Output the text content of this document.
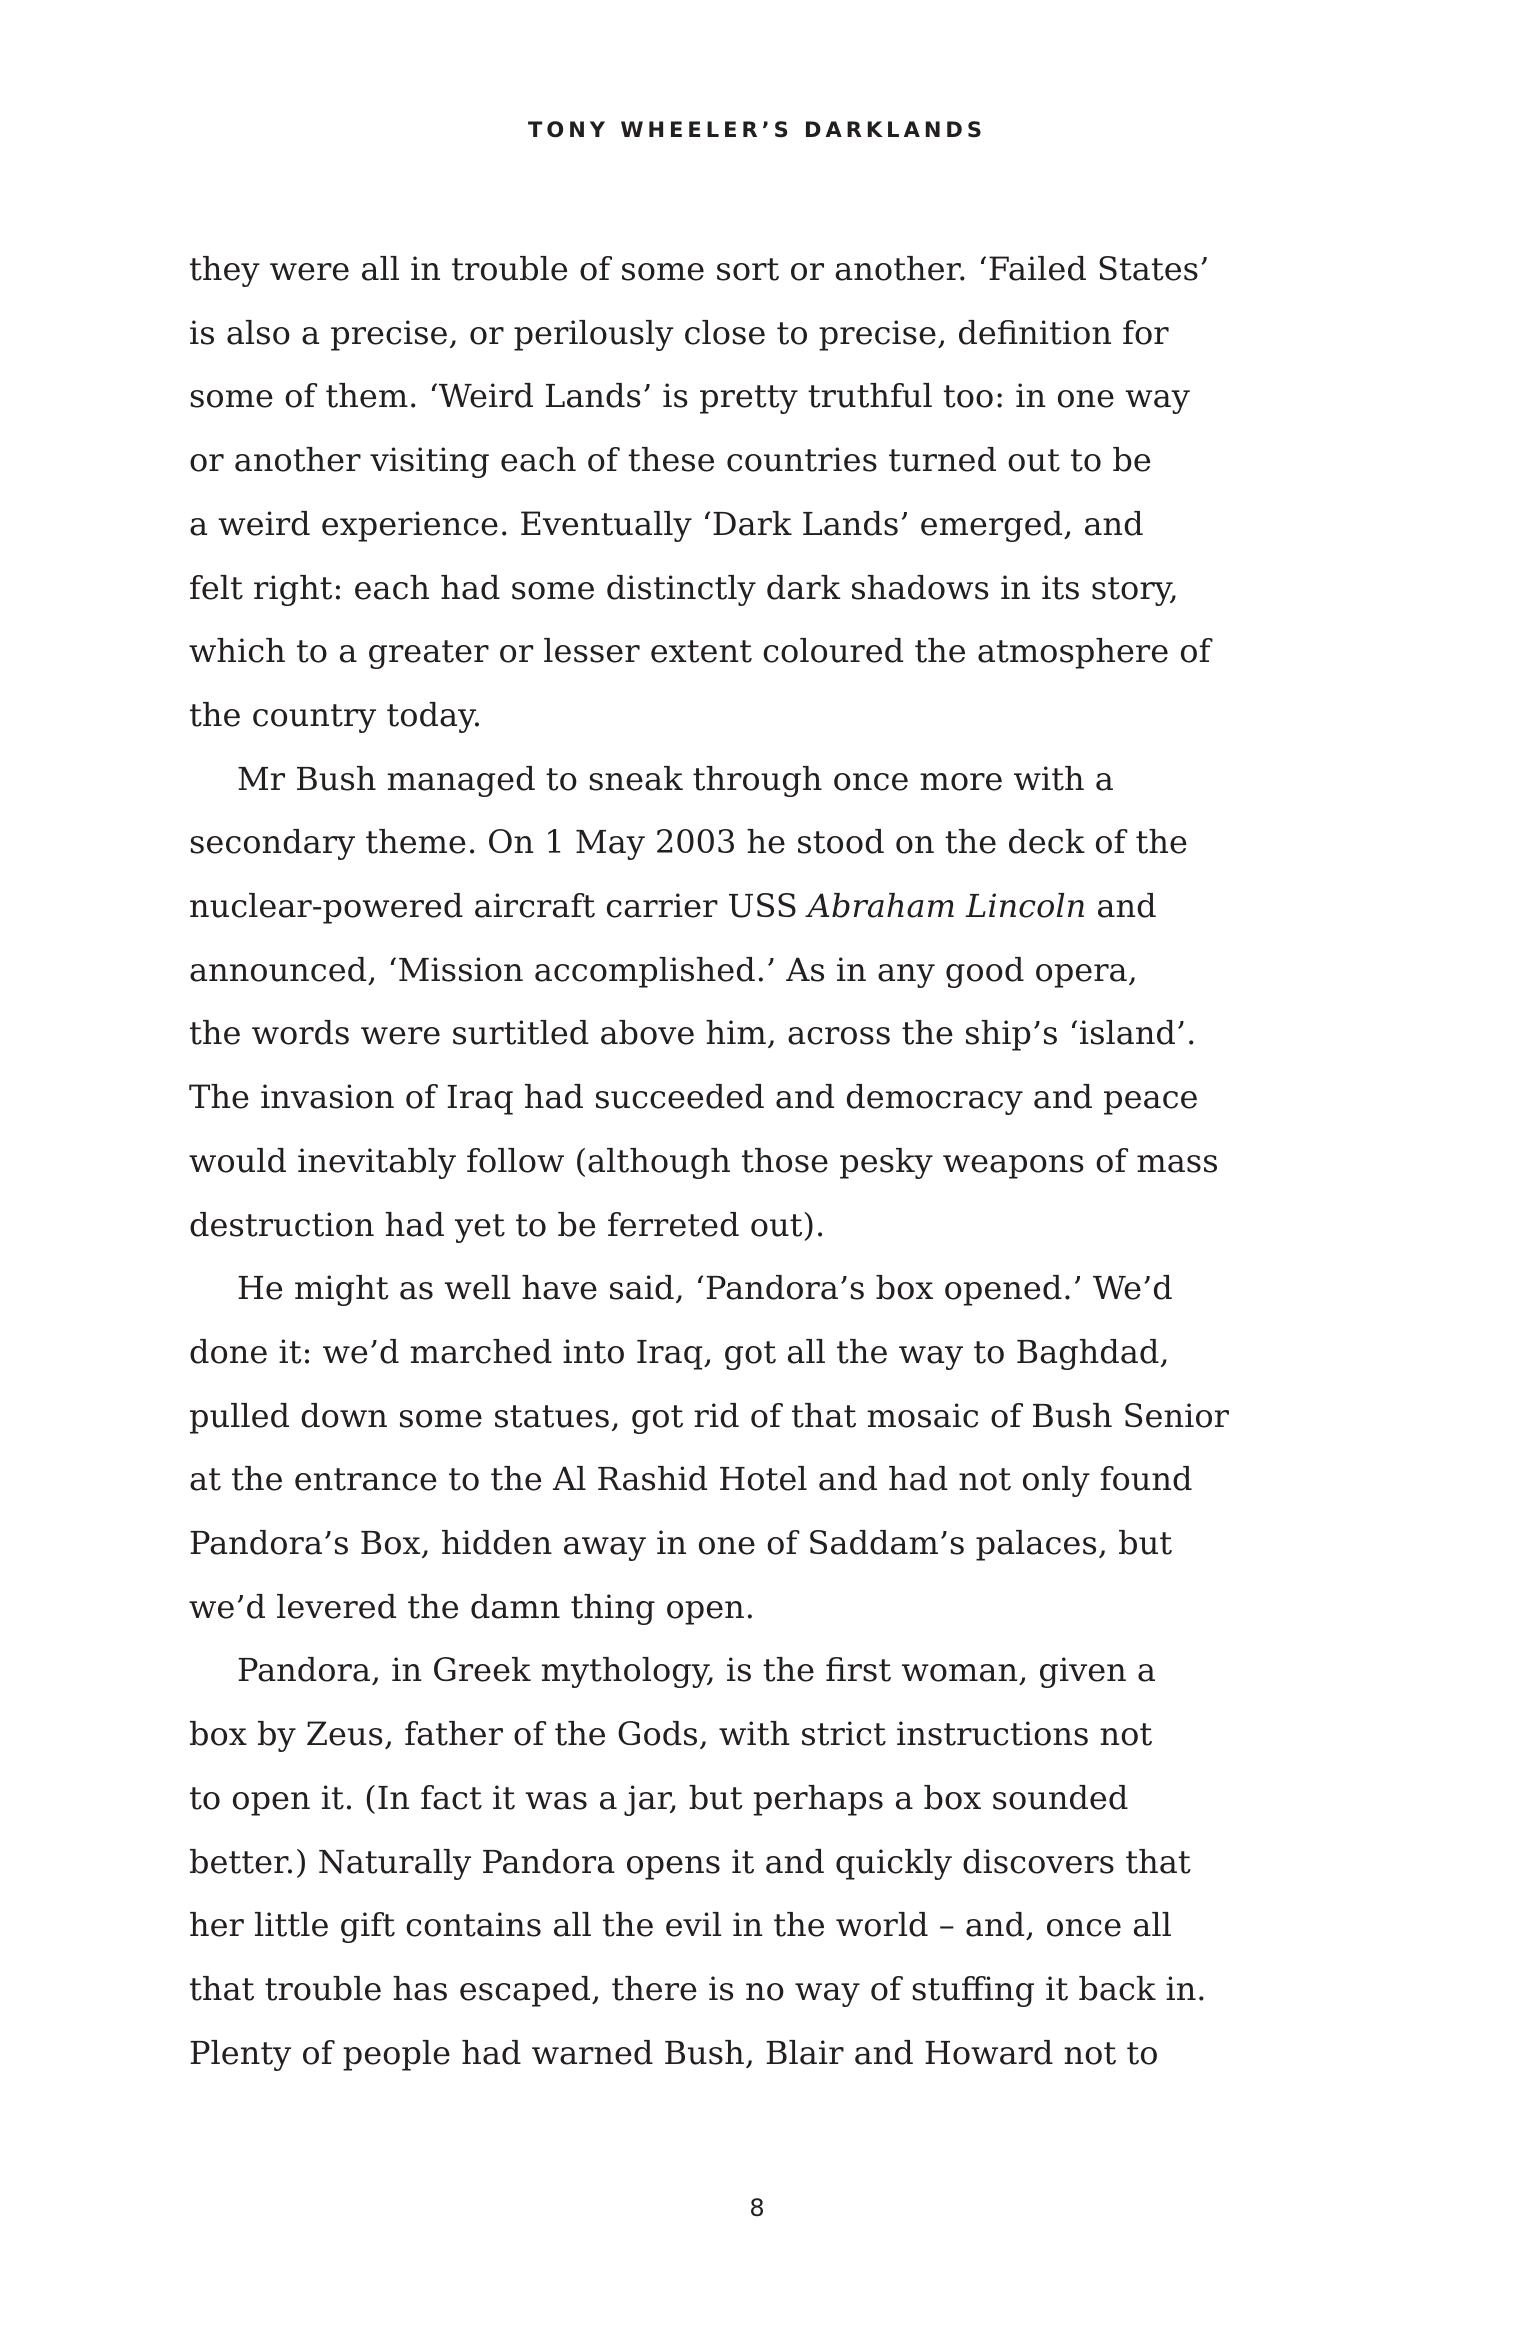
TONY WHEELER’S DARKLANDS

they were all in trouble of some sort or another. ‘Failed States’
is also a precise, or perilously close to precise, definition for
some of them. ‘Weird Lands’ is pretty truthful too: in one way
or another visiting each of these countries turned out to be
a weird experience. Eventually ‘Dark Lands’ emerged, and
felt right: each had some distinctly dark shadows in its story,
which to a greater or lesser extent coloured the atmosphere of
the country today.

Mr Bush managed to sneak through once more with a
secondary theme. On 1 May 2003 he stood on the deck of the
nuclear-powered aircraft carrier USS Abraham Lincoln and
announced, ‘Mission accomplished.’ As in any good opera,
the words were surtitled above him, across the ship’s ‘island’.
The invasion of Iraq had succeeded and democracy and peace
would inevitably follow (although those pesky weapons of mass
destruction had yet to be ferreted out).

He might as well have said, ‘Pandora’s box opened.’ We’d
done it: we’d marched into Iraq, got all the way to Baghdad,
pulled down some statues, got rid of that mosaic of Bush Senior
at the entrance to the Al Rashid Hotel and had not only found
Pandora’s Box, hidden away in one of Saddam’s palaces, but
we’d levered the damn thing open.

Pandora, in Greek mythology, is the first woman, given a
box by Zeus, father of the Gods, with strict instructions not
to open it. (In fact it was a jar, but perhaps a box sounded
better.) Naturally Pandora opens it and quickly discovers that
her little gift contains all the evil in the world – and, once all
that trouble has escaped, there is no way of stuffing it back in.
Plenty of people had warned Bush, Blair and Howard not to

8
